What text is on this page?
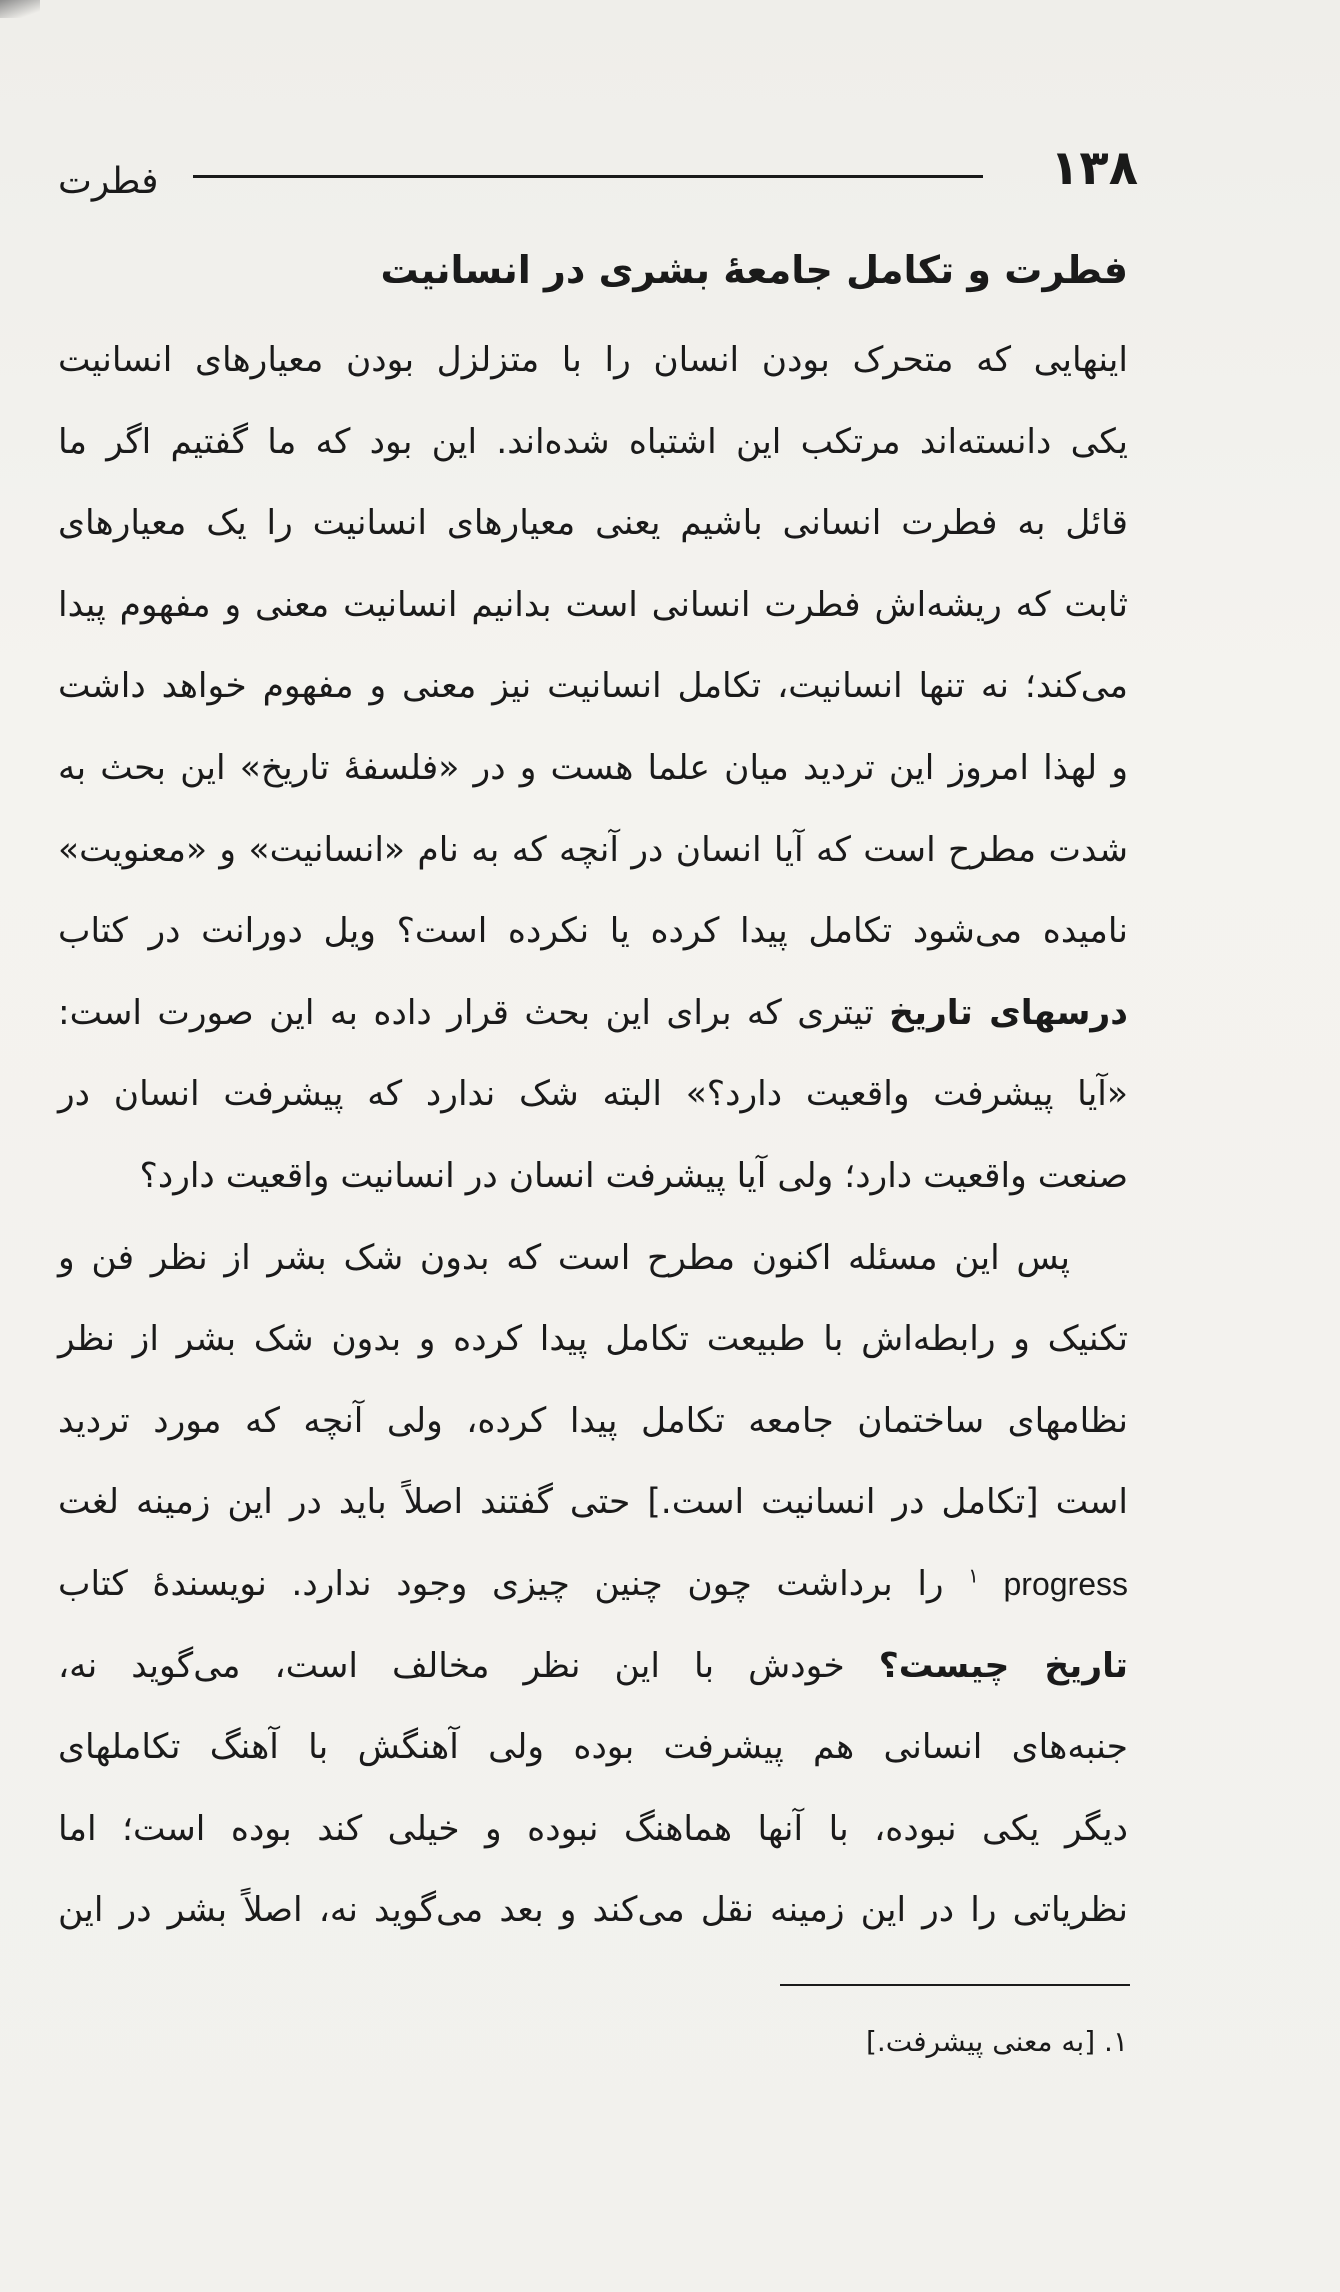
۱۳۸
فطرت
فطرت و تکامل جامعهٔ بشری در انسانیت
اینهایی که متحرک بودن انسان را با متزلزل بودن معیارهای انسانیت
یکی دانسته‌اند مرتکب این اشتباه شده‌اند. این بود که ما گفتیم اگر ما
قائل به فطرت انسانی باشیم یعنی معیارهای انسانیت را یک معیارهای
ثابت که ریشه‌اش فطرت انسانی است بدانیم انسانیت معنی و مفهوم پیدا
می‌کند؛ نه تنها انسانیت، تکامل انسانیت نیز معنی و مفهوم خواهد داشت
و لهذا امروز این تردید میان علما هست و در «فلسفهٔ تاریخ» این بحث به
شدت مطرح است که آیا انسان در آنچه که به نام «انسانیت» و «معنویت»
نامیده می‌شود تکامل پیدا کرده یا نکرده است؟ ویل دورانت در کتاب
درسهای تاریخ تیتری که برای این بحث قرار داده به این صورت است:
«آیا پیشرفت واقعیت دارد؟» البته شک ندارد که پیشرفت انسان در
صنعت واقعیت دارد؛ ولی آیا پیشرفت انسان در انسانیت واقعیت دارد؟
پس این مسئله اکنون مطرح است که بدون شک بشر از نظر فن و
تکنیک و رابطه‌اش با طبیعت تکامل پیدا کرده و بدون شک بشر از نظر
نظامهای ساختمان جامعه تکامل پیدا کرده، ولی آنچه که مورد تردید
است [تکامل در انسانیت است.] حتی گفتند اصلاً باید در این زمینه لغت
progress $^۱$ را برداشت چون چنین چیزی وجود ندارد. نویسندهٔ کتاب
تاریخ چیست؟ خودش با این نظر مخالف است، می‌گوید نه،
جنبه‌های انسانی هم پیشرفت بوده ولی آهنگش با آهنگ تکاملهای
دیگر یکی نبوده، با آنها هماهنگ نبوده و خیلی کند بوده است؛ اما
نظریاتی را در این زمینه نقل می‌کند و بعد می‌گوید نه، اصلاً بشر در این
۱. [به معنی پیشرفت.]
